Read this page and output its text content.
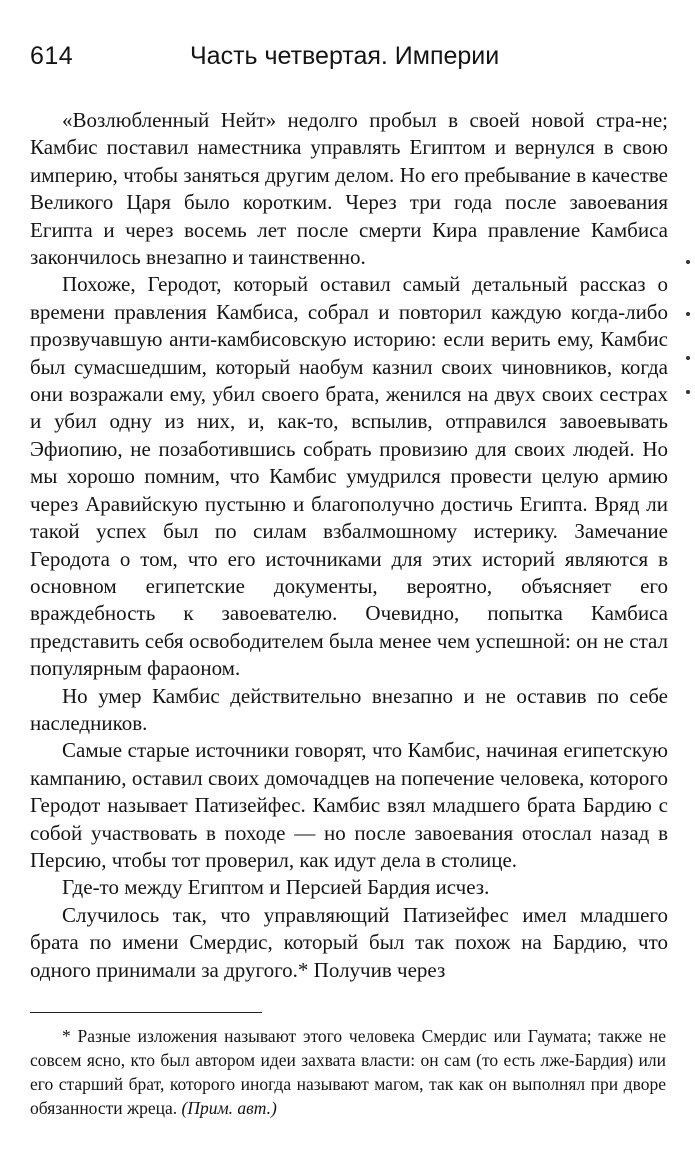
614	Часть четвертая. Империи

«Возлюбленный Нейт» недолго пробыл в своей новой стра-не; Камбис поставил наместника управлять Египтом и вернулся в свою империю, чтобы заняться другим делом. Но его пребывание в качестве Великого Царя было коротким. Через три года после завоевания Египта и через восемь лет после смерти Кира правление Камбиса закончилось внезапно и таинственно.

Похоже, Геродот, который оставил самый детальный рассказ о времени правления Камбиса, собрал и повторил каждую когда-либо прозвучавшую анти-камбисовскую историю: если верить ему, Камбис был сумасшедшим, который наобум казнил своих чиновников, когда они возражали ему, убил своего брата, женился на двух своих сестрах и убил одну из них, и, как-то, вспылив, отправился завоевывать Эфиопию, не позаботившись собрать провизию для своих людей. Но мы хорошо помним, что Камбис умудрился провести целую армию через Аравийскую пустыню и благополучно достичь Египта. Вряд ли такой успех был по силам взбалмошному истерику. Замечание Геродота о том, что его источниками для этих историй являются в основном египетские документы, вероятно, объясняет его враждебность к завоевателю. Очевидно, попытка Камбиса представить себя освободителем была менее чем успешной: он не стал популярным фараоном.

Но умер Камбис действительно внезапно и не оставив по себе наследников.

Самые старые источники говорят, что Камбис, начиная египетскую кампанию, оставил своих домочадцев на попечение человека, которого Геродот называет Патизейфес. Камбис взял младшего брата Бардию с собой участвовать в походе — но после завоевания отослал назад в Персию, чтобы тот проверил, как идут дела в столице.

Где-то между Египтом и Персией Бардия исчез.

Случилось так, что управляющий Патизейфес имел младшего брата по имени Смердис, который был так похож на Бардию, что одного принимали за другого.* Получив через

* Разные изложения называют этого человека Смердис или Гаумата; также не совсем ясно, кто был автором идеи захвата власти: он сам (то есть лже-Бардия) или его старший брат, которого иногда называют магом, так как он выполнял при дворе обязанности жреца. (Прим. авт.)
